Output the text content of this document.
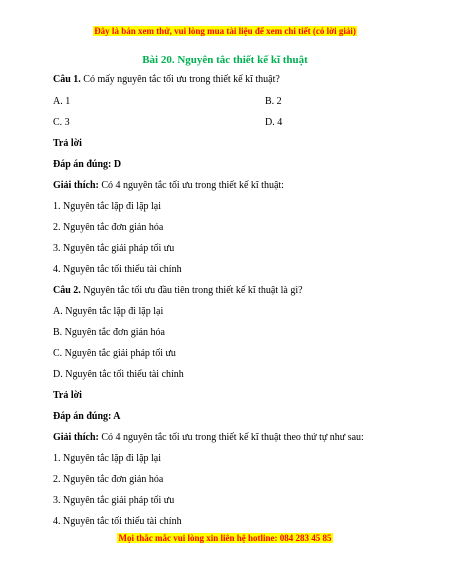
Đây là bản xem thử, vui lòng mua tài liệu để xem chi tiết (có lời giải)
Bài 20. Nguyên tắc thiết kế kĩ thuật
Câu 1. Có mấy nguyên tắc tối ưu trong thiết kế kĩ thuật?
A. 1	B. 2
C. 3	D. 4
Trả lời
Đáp án đúng: D
Giải thích: Có 4 nguyên tắc tối ưu trong thiết kế kĩ thuật:
1. Nguyên tắc lặp đi lặp lại
2. Nguyên tắc đơn giản hóa
3. Nguyên tắc giải pháp tối ưu
4. Nguyên tắc tối thiểu tài chính
Câu 2. Nguyên tắc tối ưu đầu tiên trong thiết kế kĩ thuật là gì?
A. Nguyên tắc lặp đi lặp lại
B. Nguyên tắc đơn giản hóa
C. Nguyên tắc giải pháp tối ưu
D. Nguyên tắc tối thiểu tài chính
Trả lời
Đáp án đúng: A
Giải thích: Có 4 nguyên tắc tối ưu trong thiết kế kĩ thuật theo thứ tự như sau:
1. Nguyên tắc lặp đi lặp lại
2. Nguyên tắc đơn giản hóa
3. Nguyên tắc giải pháp tối ưu
4. Nguyên tắc tối thiểu tài chính
Mọi thắc mắc vui lòng xin liên hệ hotline: 084 283 45 85
